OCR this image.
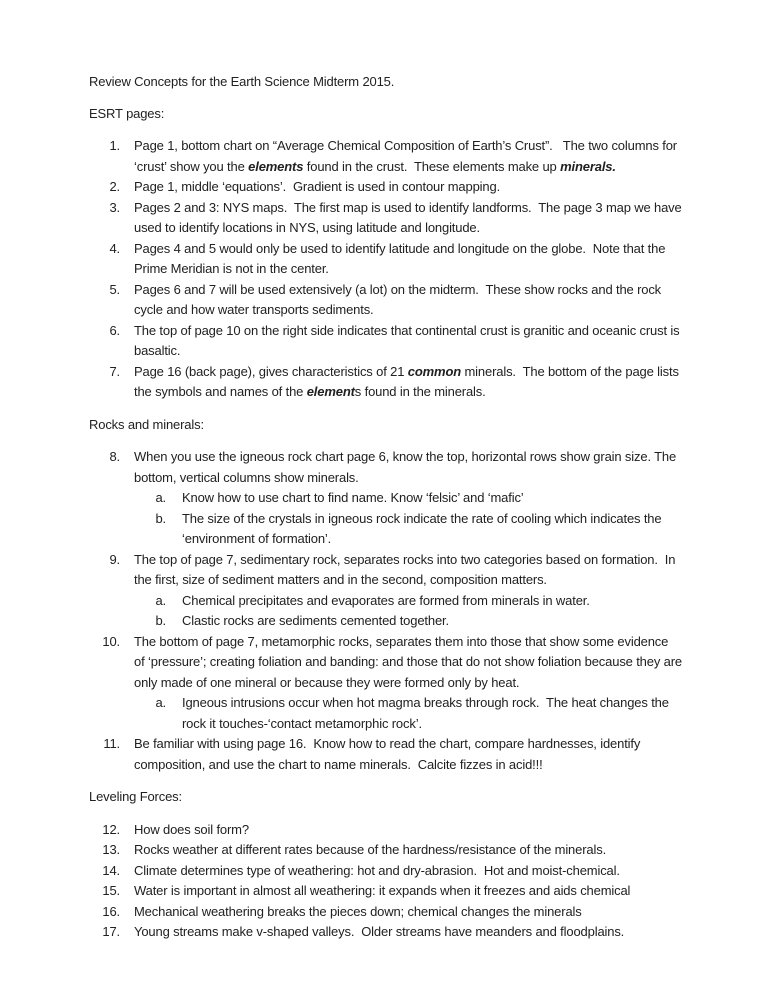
Review Concepts for the Earth Science Midterm 2015.

ESRT pages:

1.	Page 1, bottom chart on “Average Chemical Composition of Earth’s Crust”.   The two columns for ‘crust’ show you the elements found in the crust.  These elements make up minerals.
2.	Page 1, middle ‘equations’.  Gradient is used in contour mapping.
3.	Pages 2 and 3: NYS maps.  The first map is used to identify landforms.  The page 3 map we have used to identify locations in NYS, using latitude and longitude.
4.	Pages 4 and 5 would only be used to identify latitude and longitude on the globe.  Note that the Prime Meridian is not in the center.
5.	Pages 6 and 7 will be used extensively (a lot) on the midterm.  These show rocks and the rock cycle and how water transports sediments.
6.	The top of page 10 on the right side indicates that continental crust is granitic and oceanic crust is basaltic.
7.	Page 16 (back page), gives characteristics of 21 common minerals.  The bottom of the page lists the symbols and names of the elements found in the minerals.

Rocks and minerals:

8.	When you use the igneous rock chart page 6, know the top, horizontal rows show grain size. The bottom, vertical columns show minerals.
a.	Know how to use chart to find name. Know ‘felsic’ and ‘mafic’
b.	The size of the crystals in igneous rock indicate the rate of cooling which indicates the ‘environment of formation’.
9.	The top of page 7, sedimentary rock, separates rocks into two categories based on formation.  In the first, size of sediment matters and in the second, composition matters.
a.	Chemical precipitates and evaporates are formed from minerals in water.
b.	Clastic rocks are sediments cemented together.
10.	The bottom of page 7, metamorphic rocks, separates them into those that show some evidence of ‘pressure’; creating foliation and banding: and those that do not show foliation because they are only made of one mineral or because they were formed only by heat.
a.	Igneous intrusions occur when hot magma breaks through rock.  The heat changes the rock it touches-‘contact metamorphic rock’.
11.	Be familiar with using page 16.  Know how to read the chart, compare hardnesses, identify composition, and use the chart to name minerals.  Calcite fizzes in acid!!!

Leveling Forces:

12.	How does soil form?
13.	Rocks weather at different rates because of the hardness/resistance of the minerals.
14.	Climate determines type of weathering: hot and dry-abrasion.  Hot and moist-chemical.
15.	Water is important in almost all weathering: it expands when it freezes and aids chemical
16.	Mechanical weathering breaks the pieces down; chemical changes the minerals
17.	Young streams make v-shaped valleys.  Older streams have meanders and floodplains.
